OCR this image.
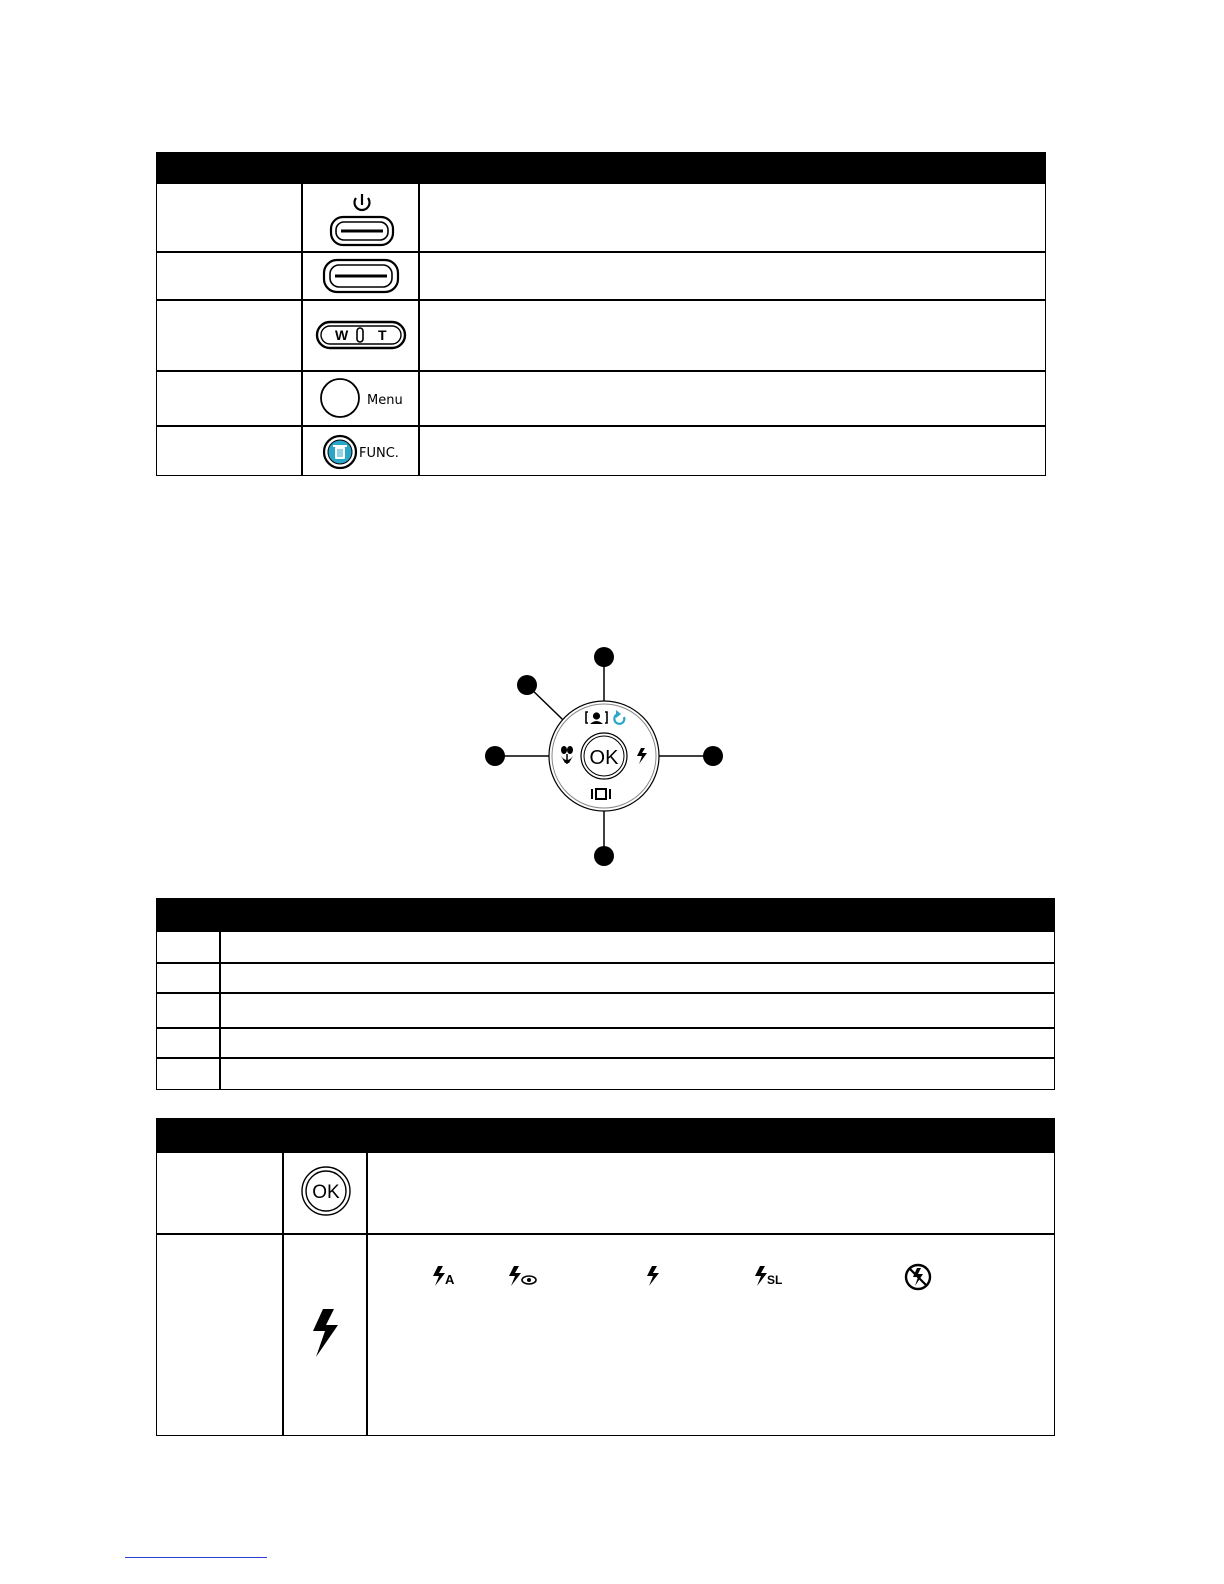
W T
Menu
FUNC.
OK
OK
A	SL
